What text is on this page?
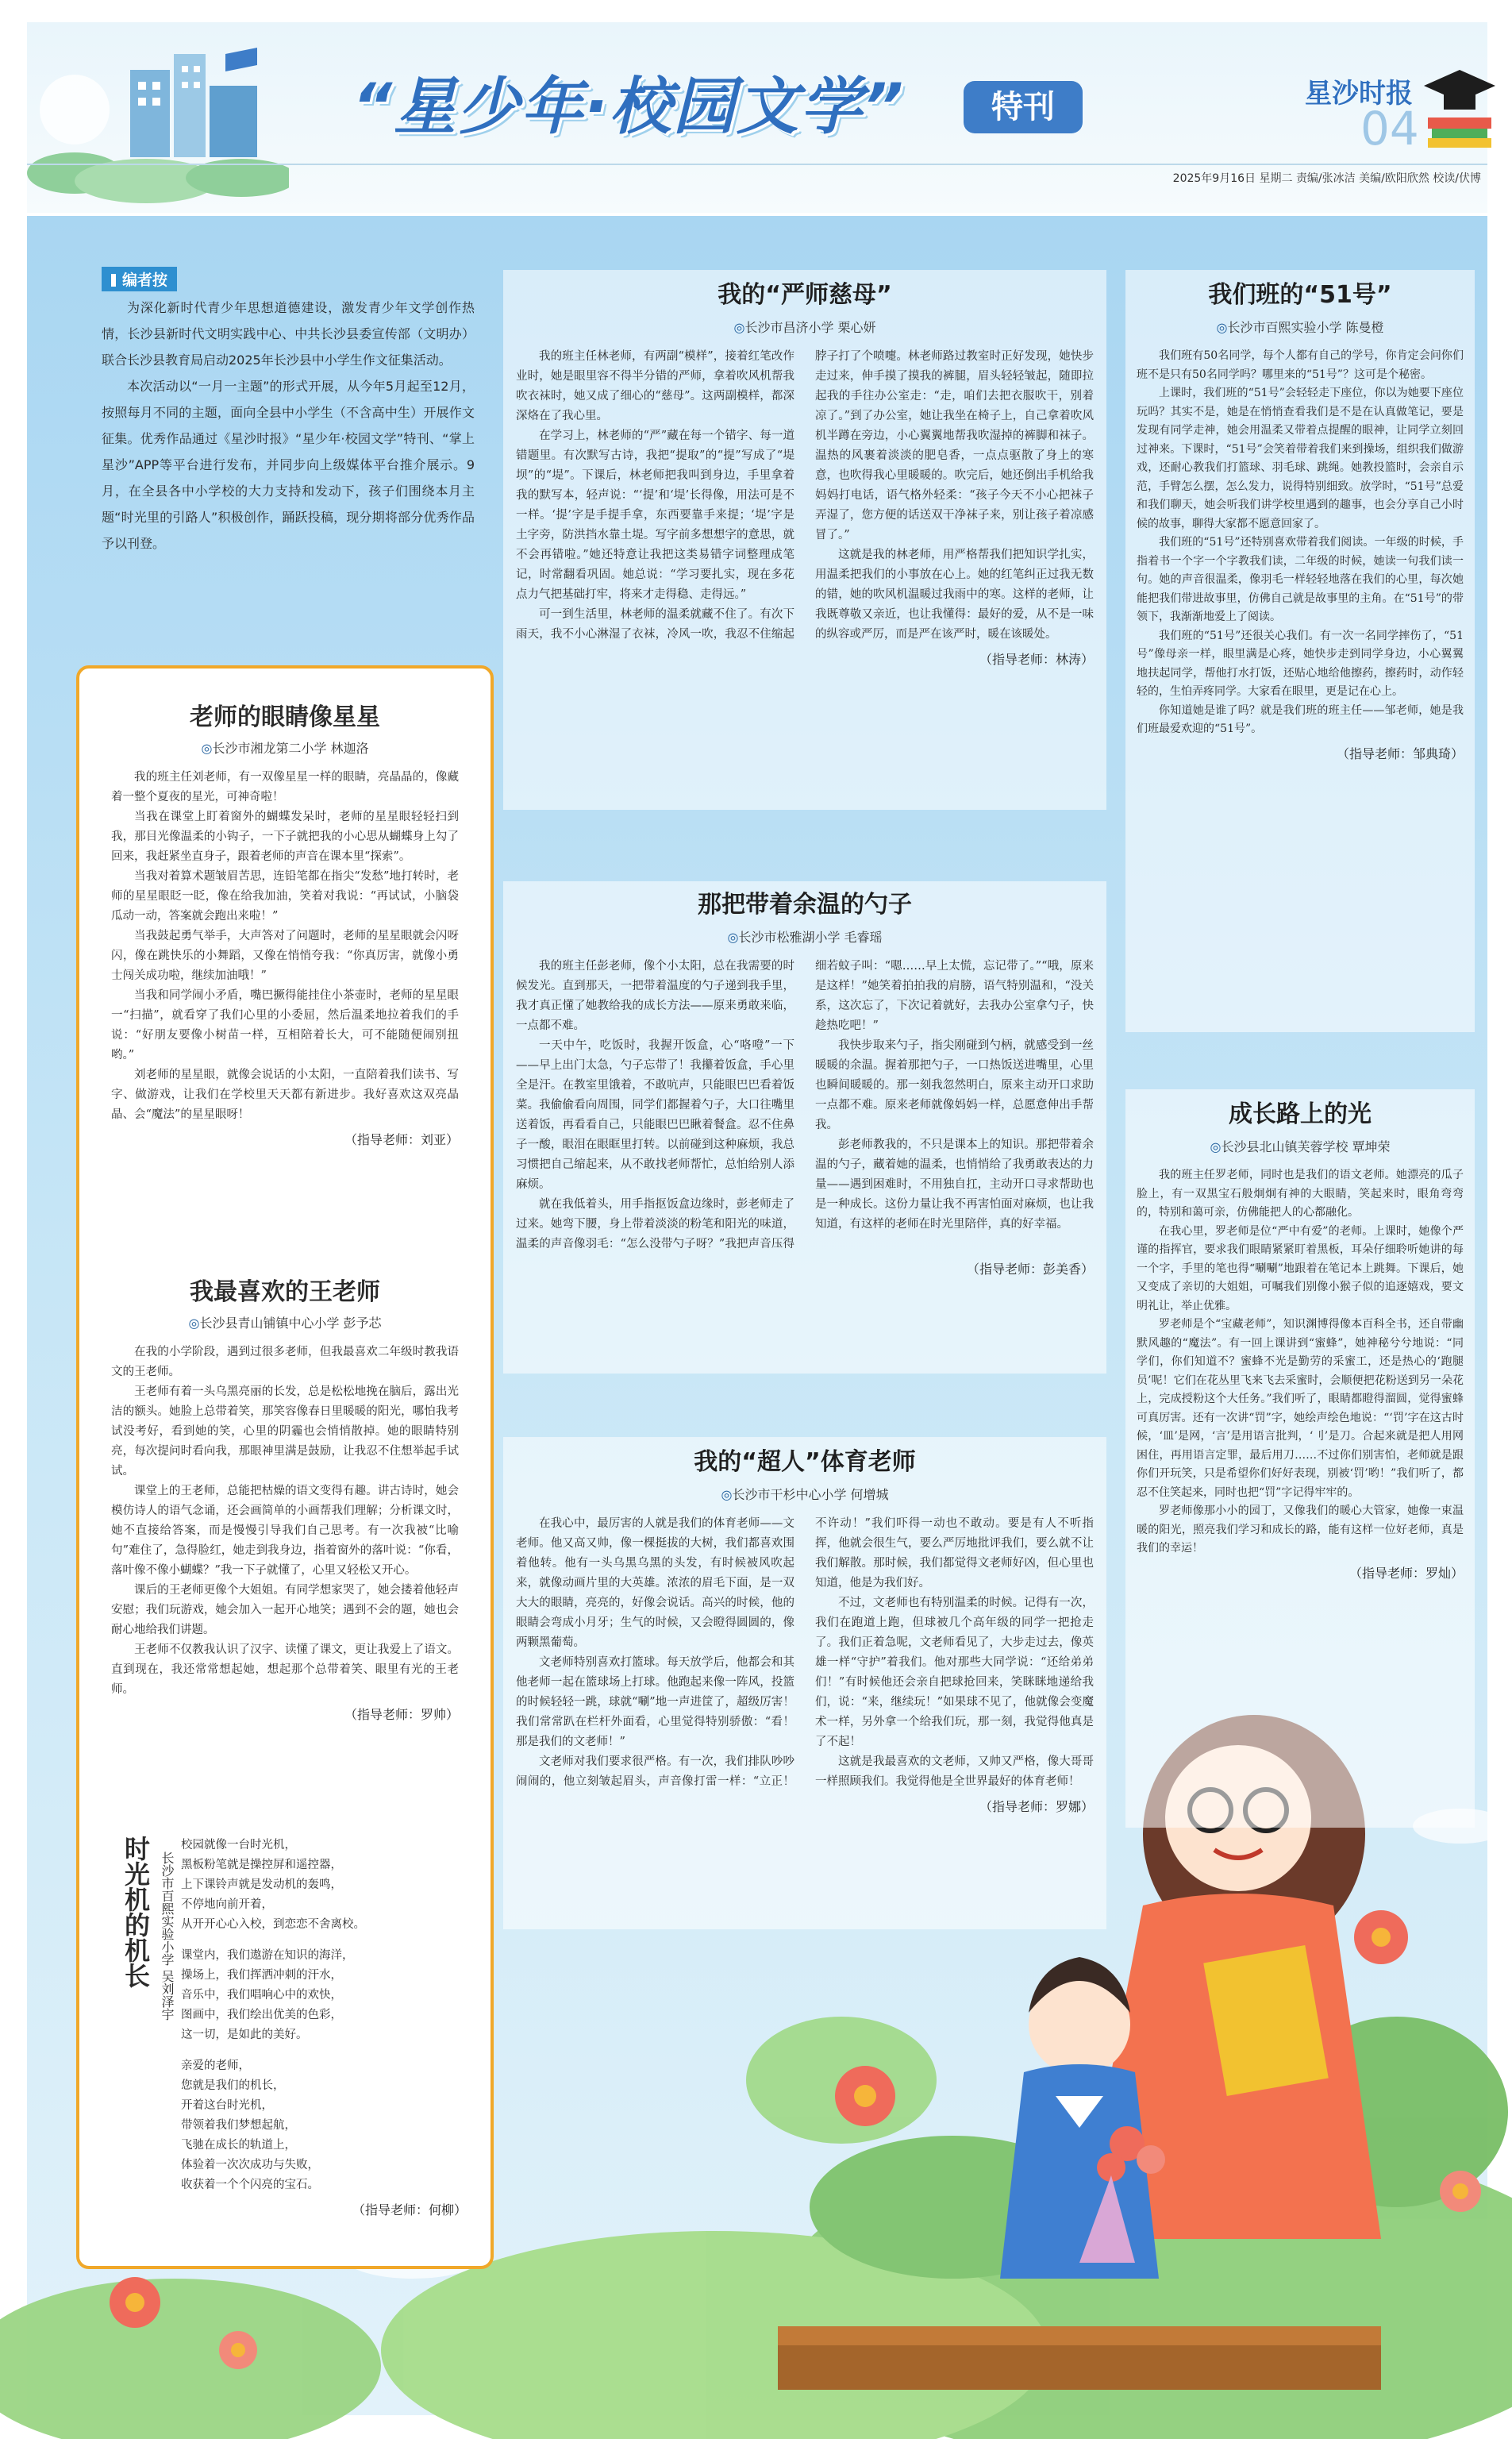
“星少年·校园文学”	特刊	星沙时报
04
2025年9月16日 星期二 责编/张冰洁 美编/欧阳欣然 校读/伏博
编者按

为深化新时代青少年思想道德建设，激发青少年文学创作热情，长沙县新时代文明实践中心、中共长沙县委宣传部（文明办）联合长沙县教育局启动2025年长沙县中小学生作文征集活动。

本次活动以“一月一主题”的形式开展，从今年5月起至12月，按照每月不同的主题，面向全县中小学生（不含高中生）开展作文征集。优秀作品通过《星沙时报》“星少年·校园文学”特刊、“掌上星沙”APP等平台进行发布，并同步向上级媒体平台推介展示。9月，在全县各中小学校的大力支持和发动下，孩子们围绕本月主题“时光里的引路人”积极创作，踊跃投稿，现分期将部分优秀作品予以刊登。

老师的眼睛像星星
◎长沙市湘龙第二小学 林迦洛

我的班主任刘老师，有一双像星星一样的眼睛，亮晶晶的，像藏着一整个夏夜的星光，可神奇啦！

当我在课堂上盯着窗外的蝴蝶发呆时，老师的星星眼轻轻扫到我，那目光像温柔的小钩子，一下子就把我的小心思从蝴蝶身上勾了回来，我赶紧坐直身子，跟着老师的声音在课本里“探索”。

当我对着算术题皱眉苦思，连铅笔都在指尖“发愁”地打转时，老师的星星眼眨一眨，像在给我加油，笑着对我说：“再试试，小脑袋瓜动一动，答案就会跑出来啦！”

当我鼓起勇气举手，大声答对了问题时，老师的星星眼就会闪呀闪，像在跳快乐的小舞蹈，又像在悄悄夸我：“你真厉害，就像小勇士闯关成功啦，继续加油哦！”

当我和同学闹小矛盾，嘴巴撅得能挂住小茶壶时，老师的星星眼一“扫描”，就看穿了我们心里的小委屈，然后温柔地拉着我们的手说：“好朋友要像小树苗一样，互相陪着长大，可不能随便闹别扭哟。”

刘老师的星星眼，就像会说话的小太阳，一直陪着我们读书、写字、做游戏，让我们在学校里天天都有新进步。我好喜欢这双亮晶晶、会“魔法”的星星眼呀！

（指导老师：刘亚）
我最喜欢的王老师
◎长沙县青山铺镇中心小学 彭予芯

在我的小学阶段，遇到过很多老师，但我最喜欢二年级时教我语文的王老师。

王老师有着一头乌黑亮丽的长发，总是松松地挽在脑后，露出光洁的额头。她脸上总带着笑，那笑容像春日里暖暖的阳光，哪怕我考试没考好，看到她的笑，心里的阴霾也会悄悄散掉。她的眼睛特别亮，每次提问时看向我，那眼神里满是鼓励，让我忍不住想举起手试试。

课堂上的王老师，总能把枯燥的语文变得有趣。讲古诗时，她会模仿诗人的语气念诵，还会画简单的小画帮我们理解；分析课文时，她不直接给答案，而是慢慢引导我们自己思考。有一次我被“比喻句”难住了，急得脸红，她走到我身边，指着窗外的落叶说：“你看，落叶像不像小蝴蝶？”我一下子就懂了，心里又轻松又开心。

课后的王老师更像个大姐姐。有同学想家哭了，她会搂着他轻声安慰；我们玩游戏，她会加入一起开心地笑；遇到不会的题，她也会耐心地给我们讲题。

王老师不仅教我认识了汉字、读懂了课文，更让我爱上了语文。直到现在，我还常常想起她，想起那个总带着笑、眼里有光的王老师。

（指导老师：罗帅）
时光机的机长 长沙市百熙实验小学 吴刘泽宇
校园就像一台时光机，
黑板粉笔就是操控屏和遥控器，
上下课铃声就是发动机的轰鸣，
不停地向前开着，
从开开心心入校，到恋恋不舍离校。
课堂内，我们遨游在知识的海洋，
操场上，我们挥洒冲刺的汗水，
音乐中，我们唱响心中的欢快，
图画中，我们绘出优美的色彩，
这一切，是如此的美好。
亲爱的老师，
您就是我们的机长，
开着这台时光机，
带领着我们梦想起航，
飞驰在成长的轨道上，
体验着一次次成功与失败，
收获着一个个闪亮的宝石。
（指导老师：何柳）
我的“严师慈母”
◎长沙市昌济小学 栗心妍

我的班主任林老师，有两副“模样”，接着红笔改作业时，她是眼里容不得半分错的严师，拿着吹风机帮我吹衣袜时，她又成了细心的“慈母”。这两副模样，都深深烙在了我心里。

在学习上，林老师的“严”藏在每一个错字、每一道错题里。有次默写古诗，我把“提取”的“提”写成了“堤坝”的“堤”。下课后，林老师把我叫到身边，手里拿着我的默写本，轻声说：“‘提’和‘堤’长得像，用法可是不一样。‘提’字是手提手拿，东西要靠手来提；‘堤’字是土字旁，防洪挡水靠土堤。写字前多想想字的意思，就不会再错啦。”她还特意让我把这类易错字词整理成笔记，时常翻看巩固。她总说：“学习要扎实，现在多花点力气把基础打牢，将来才走得稳、走得远。”

可一到生活里，林老师的温柔就藏不住了。有次下雨天，我不小心淋湿了衣袜，冷风一吹，我忍不住缩起脖子打了个喷嚏。林老师路过教室时正好发现，她快步走过来，伸手摸了摸我的裤腿，眉头轻轻皱起，随即拉起我的手往办公室走：“走，咱们去把衣服吹干，别着凉了。”到了办公室，她让我坐在椅子上，自己拿着吹风机半蹲在旁边，小心翼翼地帮我吹湿掉的裤脚和袜子。温热的风裹着淡淡的肥皂香，一点点驱散了身上的寒意，也吹得我心里暖暖的。吹完后，她还倒出手机给我妈妈打电话，语气格外轻柔：“孩子今天不小心把袜子弄湿了，您方便的话送双干净袜子来，别让孩子着凉感冒了。”

这就是我的林老师，用严格帮我们把知识学扎实，用温柔把我们的小事放在心上。她的红笔纠正过我无数的错，她的吹风机温暖过我雨中的寒。这样的老师，让我既尊敬又亲近，也让我懂得：最好的爱，从不是一味的纵容或严厉，而是严在该严时，暖在该暖处。

（指导老师：林涛）
那把带着余温的勺子
◎长沙市松雅湖小学 毛睿瑶

我的班主任彭老师，像个小太阳，总在我需要的时候发光。直到那天，一把带着温度的勺子递到我手里，我才真正懂了她教给我的成长方法——原来勇敢来临，一点都不难。

一天中午，吃饭时，我握开饭盒，心“咯噔”一下——早上出门太急，勺子忘带了！我攥着饭盒，手心里全是汗。在教室里饿着，不敢吭声，只能眼巴巴看着饭菜。我偷偷看向周围，同学们都握着勺子，大口往嘴里送着饭，再看看自己，只能眼巴巴瞅着餐盒。忍不住鼻子一酸，眼泪在眼眶里打转。以前碰到这种麻烦，我总习惯把自己缩起来，从不敢找老师帮忙，总怕给别人添麻烦。

就在我低着头，用手指抠饭盒边缘时，彭老师走了过来。她弯下腰，身上带着淡淡的粉笔和阳光的味道，温柔的声音像羽毛：“怎么没带勺子呀？”我把声音压得细若蚊子叫：“嗯……早上太慌，忘记带了。”“哦，原来是这样！”她笑着拍拍我的肩膀，语气特别温和，“没关系，这次忘了，下次记着就好，去我办公室拿勺子，快趁热吃吧！”

我快步取来勺子，指尖刚碰到勺柄，就感受到一丝暖暖的余温。握着那把勺子，一口热饭送进嘴里，心里也瞬间暖暖的。那一刻我忽然明白，原来主动开口求助一点都不难。原来老师就像妈妈一样，总愿意伸出手帮我。

彭老师教我的，不只是课本上的知识。那把带着余温的勺子，藏着她的温柔，也悄悄给了我勇敢表达的力量——遇到困难时，不用独自扛，主动开口寻求帮助也是一种成长。这份力量让我不再害怕面对麻烦，也让我知道，有这样的老师在时光里陪伴，真的好幸福。

（指导老师：彭美香）
我的“超人”体育老师
◎长沙市干杉中心小学 何增城

在我心中，最厉害的人就是我们的体育老师——文老师。他又高又帅，像一棵挺拔的大树，我们都喜欢围着他转。他有一头乌黑乌黑的头发，有时候被风吹起来，就像动画片里的大英雄。浓浓的眉毛下面，是一双大大的眼睛，亮亮的，好像会说话。高兴的时候，他的眼睛会弯成小月牙；生气的时候，又会瞪得圆圆的，像两颗黑葡萄。

文老师特别喜欢打篮球。每天放学后，他都会和其他老师一起在篮球场上打球。他跑起来像一阵风，投篮的时候轻轻一跳，球就“唰”地一声进筐了，超级厉害！我们常常趴在栏杆外面看，心里觉得特别骄傲：“看！那是我们的文老师！”

文老师对我们要求很严格。有一次，我们排队吵吵闹闹的，他立刻皱起眉头，声音像打雷一样：“立正！不许动！”我们吓得一动也不敢动。要是有人不听指挥，他就会很生气，要么严厉地批评我们，要么就不让我们解散。那时候，我们都觉得文老师好凶，但心里也知道，他是为我们好。

不过，文老师也有特别温柔的时候。记得有一次，我们在跑道上跑，但球被几个高年级的同学一把抢走了。我们正着急呢，文老师看见了，大步走过去，像英雄一样“守护”着我们。他对那些大同学说：“还给弟弟们！”有时候他还会亲自把球抢回来，笑眯眯地递给我们，说：“来，继续玩！”如果球不见了，他就像会变魔术一样，另外拿一个给我们玩，那一刻，我觉得他真是了不起！

这就是我最喜欢的文老师，又帅又严格，像大哥哥一样照顾我们。我觉得他是全世界最好的体育老师！

（指导老师：罗娜）
我们班的“51号”
◎长沙市百熙实验小学 陈曼橙

我们班有50名同学，每个人都有自己的学号，你肯定会问你们班不是只有50名同学吗？哪里来的“51号”？这可是个秘密。

上课时，我们班的“51号”会轻轻走下座位，你以为她要下座位玩吗？其实不是，她是在悄悄查看我们是不是在认真做笔记，要是发现有同学走神，她会用温柔又带着点提醒的眼神，让同学立刻回过神来。下课时，“51号”会笑着带着我们来到操场，组织我们做游戏，还耐心教我们打篮球、羽毛球、跳绳。她教投篮时，会亲自示范，手臂怎么摆，怎么发力，说得特别细致。放学时，“51号”总爱和我们聊天，她会听我们讲学校里遇到的趣事，也会分享自己小时候的故事，聊得大家都不愿意回家了。

我们班的“51号”还特别喜欢带着我们阅读。一年级的时候，手指着书一个字一个字教我们读，二年级的时候，她读一句我们读一句。她的声音很温柔，像羽毛一样轻轻地落在我们的心里，每次她能把我们带进故事里，仿佛自己就是故事里的主角。在“51号”的带领下，我渐渐地爱上了阅读。

我们班的“51号”还很关心我们。有一次一名同学摔伤了，“51号”像母亲一样，眼里满是心疼，她快步走到同学身边，小心翼翼地扶起同学，帮他打水打饭，还贴心地给他擦药，擦药时，动作轻轻的，生怕弄疼同学。大家看在眼里，更是记在心上。

你知道她是谁了吗？就是我们班的班主任——邹老师，她是我们班最爱欢迎的“51号”。

（指导老师：邹典琦）
成长路上的光
◎长沙县北山镇芙蓉学校 覃坤荣

我的班主任罗老师，同时也是我们的语文老师。她漂亮的瓜子脸上，有一双黑宝石般炯炯有神的大眼睛，笑起来时，眼角弯弯的，特别和蔼可亲，仿佛能把人的心都融化。

在我心里，罗老师是位“严中有爱”的老师。上课时，她像个严谨的指挥官，要求我们眼睛紧紧盯着黑板，耳朵仔细聆听她讲的每一个字，手里的笔也得“唰唰”地跟着在笔记本上跳舞。下课后，她又变成了亲切的大姐姐，可嘱我们别像小猴子似的追逐嬉戏，要文明礼让，举止优雅。

罗老师是个“宝藏老师”，知识渊博得像本百科全书，还自带幽默风趣的“魔法”。有一回上课讲到“蜜蜂”，她神秘兮兮地说：“同学们，你们知道不？蜜蜂不光是勤劳的采蜜工，还是热心的‘跑腿员’呢！它们在花丛里飞来飞去采蜜时，会顺便把花粉送到另一朵花上，完成授粉这个大任务。”我们听了，眼睛都瞪得溜圆，觉得蜜蜂可真厉害。还有一次讲“罚”字，她绘声绘色地说：“‘罚’字在这古时候，‘皿’是网，‘言’是用语言批判，‘刂’是刀。合起来就是把人用网困住，再用语言定罪，最后用刀……不过你们别害怕，老师就是跟你们开玩笑，只是希望你们好好表现，别被‘罚’哟！”我们听了，都忍不住笑起来，同时也把“罚”字记得牢牢的。

罗老师像那小小的园丁，又像我们的暖心大管家，她像一束温暖的阳光，照亮我们学习和成长的路，能有这样一位好老师，真是我们的幸运！

（指导老师：罗灿）
